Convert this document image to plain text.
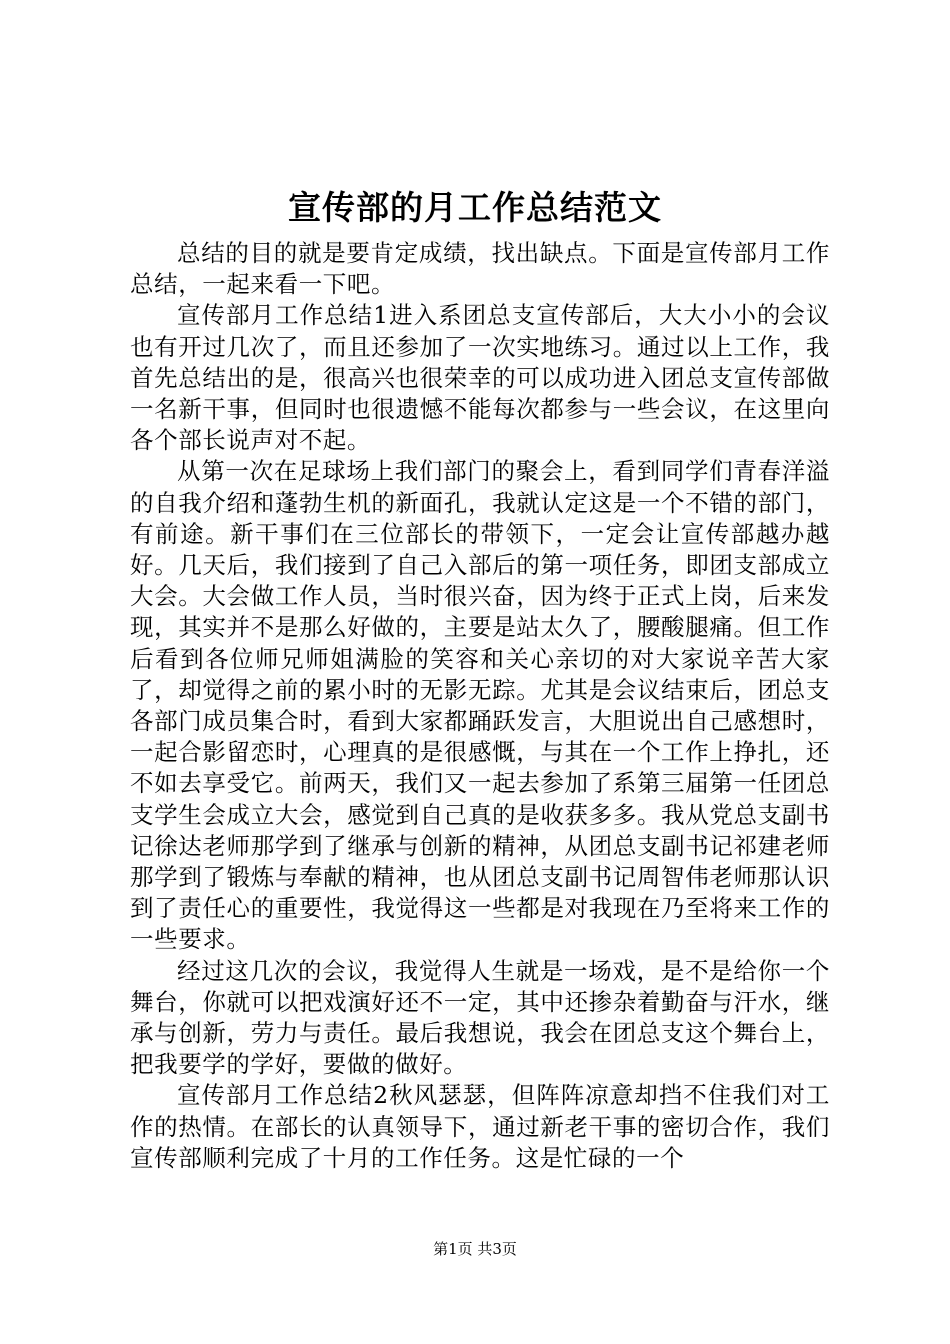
宣传部的月工作总结范文

总结的目的就是要肯定成绩，找出缺点。下面是宣传部月工作总结，一起来看一下吧。

宣传部月工作总结1进入系团总支宣传部后，大大小小的会议也有开过几次了，而且还参加了一次实地练习。通过以上工作，我首先总结出的是，很高兴也很荣幸的可以成功进入团总支宣传部做一名新干事，但同时也很遗憾不能每次都参与一些会议，在这里向各个部长说声对不起。

从第一次在足球场上我们部门的聚会上，看到同学们青春洋溢的自我介绍和蓬勃生机的新面孔，我就认定这是一个不错的部门，有前途。新干事们在三位部长的带领下，一定会让宣传部越办越好。几天后，我们接到了自己入部后的第一项任务，即团支部成立大会。大会做工作人员，当时很兴奋，因为终于正式上岗，后来发现，其实并不是那么好做的，主要是站太久了，腰酸腿痛。但工作后看到各位师兄师姐满脸的笑容和关心亲切的对大家说辛苦大家了，却觉得之前的累小时的无影无踪。尤其是会议结束后，团总支各部门成员集合时，看到大家都踊跃发言，大胆说出自己感想时，一起合影留恋时，心理真的是很感慨，与其在一个工作上挣扎，还不如去享受它。前两天，我们又一起去参加了系第三届第一任团总支学生会成立大会，感觉到自己真的是收获多多。我从党总支副书记徐达老师那学到了继承与创新的精神，从团总支副书记祁建老师那学到了锻炼与奉献的精神，也从团总支副书记周智伟老师那认识到了责任心的重要性，我觉得这一些都是对我现在乃至将来工作的一些要求。

经过这几次的会议，我觉得人生就是一场戏，是不是给你一个舞台，你就可以把戏演好还不一定，其中还掺杂着勤奋与汗水，继承与创新，劳力与责任。最后我想说，我会在团总支这个舞台上，把我要学的学好，要做的做好。

宣传部月工作总结2秋风瑟瑟，但阵阵凉意却挡不住我们对工作的热情。在部长的认真领导下，通过新老干事的密切合作，我们宣传部顺利完成了十月的工作任务。这是忙碌的一个

第1页 共3页
